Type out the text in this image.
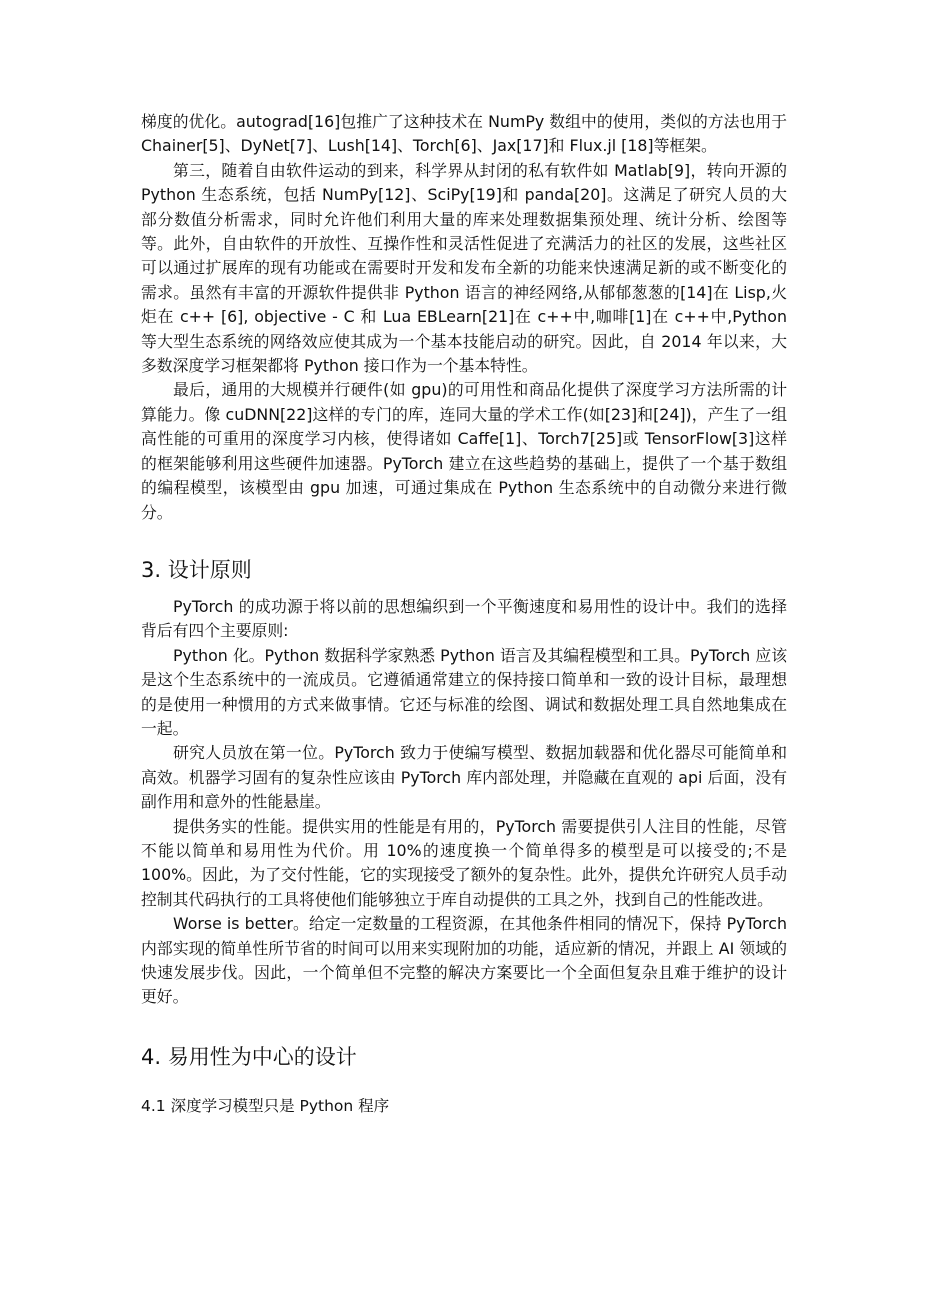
梯度的优化。autograd[16]包推广了这种技术在 NumPy 数组中的使用，类似的方法也用于 Chainer[5]、DyNet[7]、Lush[14]、Torch[6]、Jax[17]和 Flux.jl [18]等框架。

第三，随着自由软件运动的到来，科学界从封闭的私有软件如 Matlab[9]，转向开源的 Python 生态系统，包括 NumPy[12]、SciPy[19]和 panda[20]。这满足了研究人员的大部分数值分析需求，同时允许他们利用大量的库来处理数据集预处理、统计分析、绘图等等。此外，自由软件的开放性、互操作性和灵活性促进了充满活力的社区的发展，这些社区可以通过扩展库的现有功能或在需要时开发和发布全新的功能来快速满足新的或不断变化的需求。虽然有丰富的开源软件提供非 Python 语言的神经网络,从郁郁葱葱的[14]在 Lisp,火炬在 c++ [6], objective - C 和 Lua EBLearn[21]在 c++中,咖啡[1]在 c++中,Python 等大型生态系统的网络效应使其成为一个基本技能启动的研究。因此，自 2014 年以来，大多数深度学习框架都将 Python 接口作为一个基本特性。

最后，通用的大规模并行硬件(如 gpu)的可用性和商品化提供了深度学习方法所需的计算能力。像 cuDNN[22]这样的专门的库，连同大量的学术工作(如[23]和[24])，产生了一组高性能的可重用的深度学习内核，使得诸如 Caffe[1]、Torch7[25]或 TensorFlow[3]这样的框架能够利用这些硬件加速器。PyTorch 建立在这些趋势的基础上，提供了一个基于数组的编程模型，该模型由 gpu 加速，可通过集成在 Python 生态系统中的自动微分来进行微分。

3. 设计原则

PyTorch 的成功源于将以前的思想编织到一个平衡速度和易用性的设计中。我们的选择背后有四个主要原则:

Python 化。Python 数据科学家熟悉 Python 语言及其编程模型和工具。PyTorch 应该是这个生态系统中的一流成员。它遵循通常建立的保持接口简单和一致的设计目标，最理想的是使用一种惯用的方式来做事情。它还与标准的绘图、调试和数据处理工具自然地集成在一起。

研究人员放在第一位。PyTorch 致力于使编写模型、数据加载器和优化器尽可能简单和高效。机器学习固有的复杂性应该由 PyTorch 库内部处理，并隐藏在直观的 api 后面，没有副作用和意外的性能悬崖。

提供务实的性能。提供实用的性能是有用的，PyTorch 需要提供引人注目的性能，尽管不能以简单和易用性为代价。用 10%的速度换一个简单得多的模型是可以接受的;不是 100%。因此，为了交付性能，它的实现接受了额外的复杂性。此外，提供允许研究人员手动控制其代码执行的工具将使他们能够独立于库自动提供的工具之外，找到自己的性能改进。

Worse is better。给定一定数量的工程资源，在其他条件相同的情况下，保持 PyTorch 内部实现的简单性所节省的时间可以用来实现附加的功能，适应新的情况，并跟上 AI 领域的快速发展步伐。因此，一个简单但不完整的解决方案要比一个全面但复杂且难于维护的设计更好。

4. 易用性为中心的设计
4.1 深度学习模型只是 Python 程序
